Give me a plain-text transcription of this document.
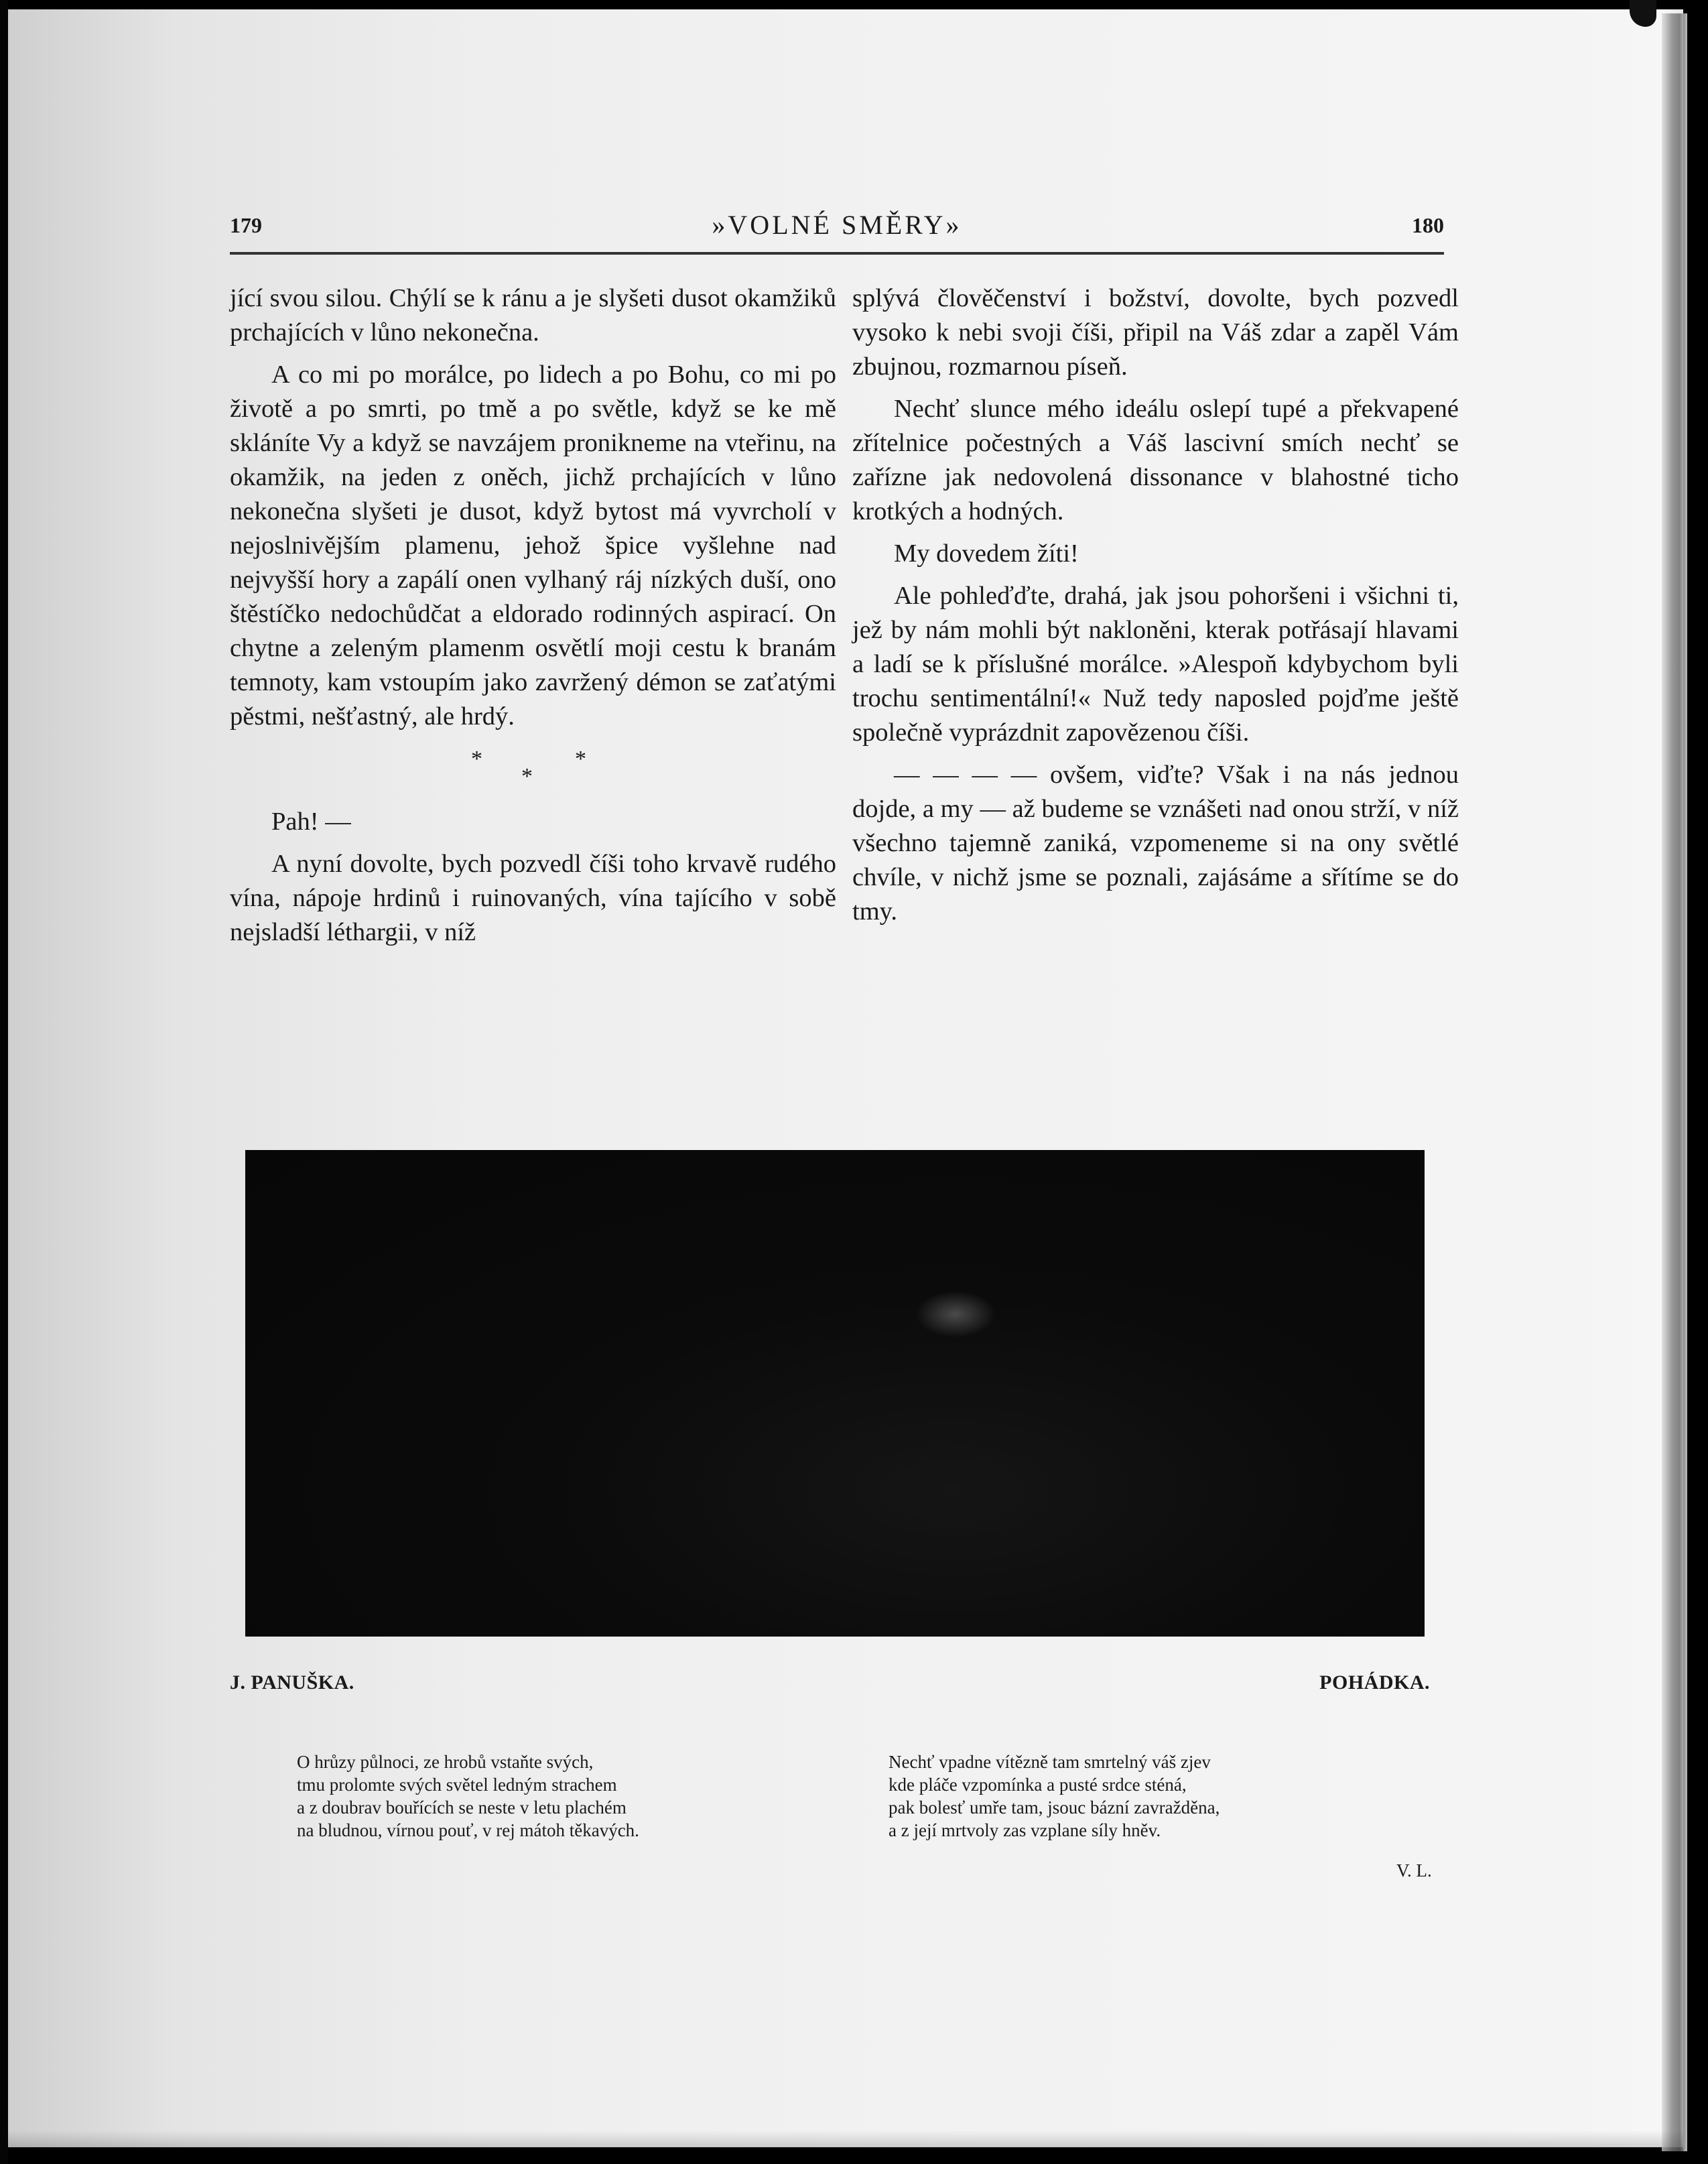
179	»VOLNÉ SMĚRY»	180

jící svou silou. Chýlí se k ránu a je slyšeti dusot okamžiků prchajících v lůno nekonečna.

A co mi po morálce, po lidech a po Bohu, co mi po životě a po smrti, po tmě a po světle, když se ke mě skláníte Vy a když se navzájem pronikneme na vteřinu, na okamžik, na jeden z oněch, jichž prchajících v lůno nekonečna slyšeti je dusot, když bytost má vyvrcholí v nejoslnivějším plamenu, jehož špice vyšlehne nad nejvyšší hory a zapálí onen vylhaný ráj nízkých duší, ono štěstíčko nedochůdčat a eldorado rodinných aspirací. On chytne a zeleným plamenm osvětlí moji cestu k branám temnoty, kam vstoupím jako zavržený démon se zaťatými pěstmi, nešťastný, ale hrdý.

*	*
*

Pah! —

A nyní dovolte, bych pozvedl číši toho krvavě rudého vína, nápoje hrdinů i ruinovaných, vína tajícího v sobě nejsladší léthargii, v níž

splývá člověčenství i božství, dovolte, bych pozvedl vysoko k nebi svoji číši, připil na Váš zdar a zapěl Vám zbujnou, rozmarnou píseň.

Nechť slunce mého ideálu oslepí tupé a překvapené zřítelnice počestných a Váš lascivní smích nechť se zařízne jak nedovolená dissonance v blahostné ticho krotkých a hodných.

My dovedem žíti!

Ale pohleďďte, drahá, jak jsou pohoršeni i všichni ti, jež by nám mohli být nakloněni, kterak potřásají hlavami a ladí se k příslušné morálce. »Alespoň kdybychom byli trochu sentimentální!« Nuž tedy naposled pojďme ještě společně vyprázdnit zapovězenou číši.

— — — — ovšem, viďte? Však i na nás jednou dojde, a my — až budeme se vznášeti nad onou strží, v níž všechno tajemně zaniká, vzpomeneme si na ony světlé chvíle, v nichž jsme se poznali, zajásáme a sřítíme se do tmy.

J. PANUŠKA.	POHÁDKA.
O hrůzy půlnoci, ze hrobů vstaňte svých,
tmu prolomte svých světel ledným strachem
a z doubrav bouřících se neste v letu plachém
na bludnou, vírnou pouť, v rej mátoh těkavých.
Nechť vpadne vítězně tam smrtelný váš zjev
kde pláče vzpomínka a pusté srdce sténá,
pak bolesť umře tam, jsouc bázní zavražděna,
a z její mrtvoly zas vzplane síly hněv.
V. L.
